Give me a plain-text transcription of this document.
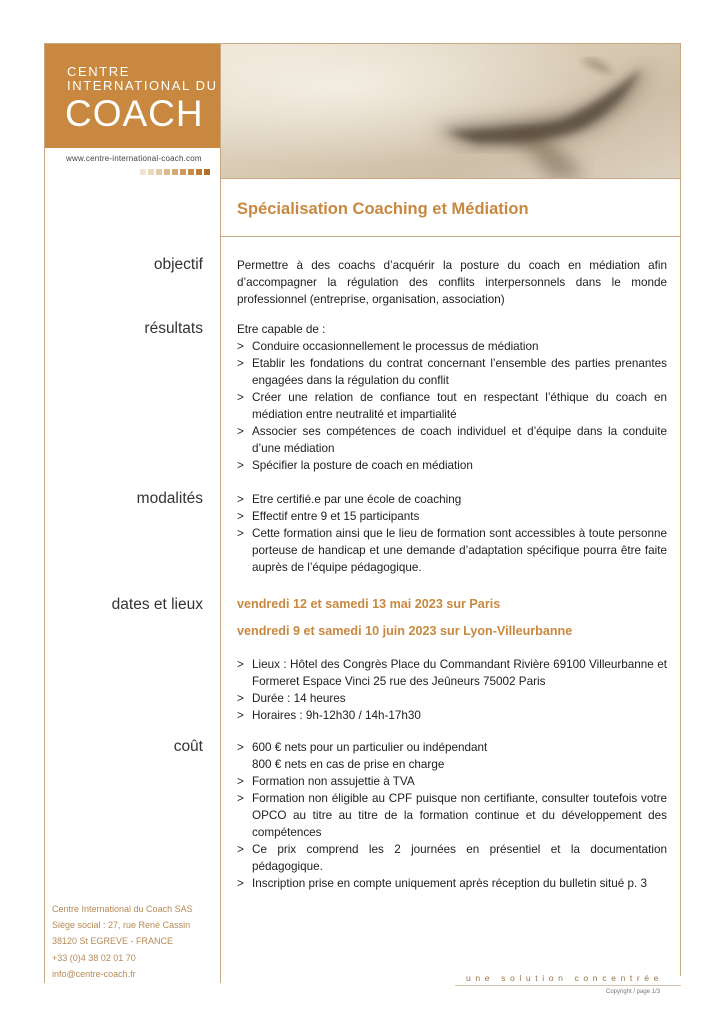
CENTRE
INTERNATIONAL DU
COACH
www.centre-international-coach.com
Spécialisation Coaching et Médiation
objectif	Permettre à des coachs d’acquérir la posture du coach en médiation afin d’accompagner la régulation des conflits interpersonnels dans le monde professionnel (entreprise, organisation, association)

résultats	Etre capable de :
> Conduire occasionnellement le processus de médiation
> Etablir les fondations du contrat concernant l’ensemble des parties prenantes engagées dans la régulation du conflit
> Créer une relation de confiance tout en respectant l’éthique du coach en médiation entre neutralité et impartialité
> Associer ses compétences de coach individuel et d’équipe dans la conduite d’une médiation
> Spécifier la posture de coach en médiation
modalités	> Etre certifié.e par une école de coaching
> Effectif entre 9 et 15 participants
> Cette formation ainsi que le lieu de formation sont accessibles à toute personne porteuse de handicap et une demande d’adaptation spécifique pourra être faite auprès de l’équipe pédagogique.
dates et lieux	vendredi 12 et samedi 13 mai 2023 sur Paris
vendredi 9 et samedi 10 juin 2023 sur Lyon-Villeurbanne
> Lieux : Hôtel des Congrès Place du Commandant Rivière 69100 Villeurbanne et Formeret Espace Vinci 25 rue des Jeûneurs 75002 Paris
> Durée : 14 heures
> Horaires : 9h-12h30 / 14h-17h30
coût	> 600 € nets pour un particulier ou indépendant
800 € nets en cas de prise en charge
> Formation non assujettie à TVA
> Formation non éligible au CPF puisque non certifiante, consulter toutefois votre OPCO au titre au titre de la formation continue et du développement des compétences
> Ce prix comprend les 2 journées en présentiel et la documentation pédagogique.
> Inscription prise en compte uniquement après réception du bulletin situé p. 3
Centre International du Coach SAS
Siège social : 27, rue René Cassin
38120 St EGREVE - FRANCE
+33 (0)4 38 02 01 70
info@centre-coach.fr	une solution concentrée
Copyright / page 1/3
